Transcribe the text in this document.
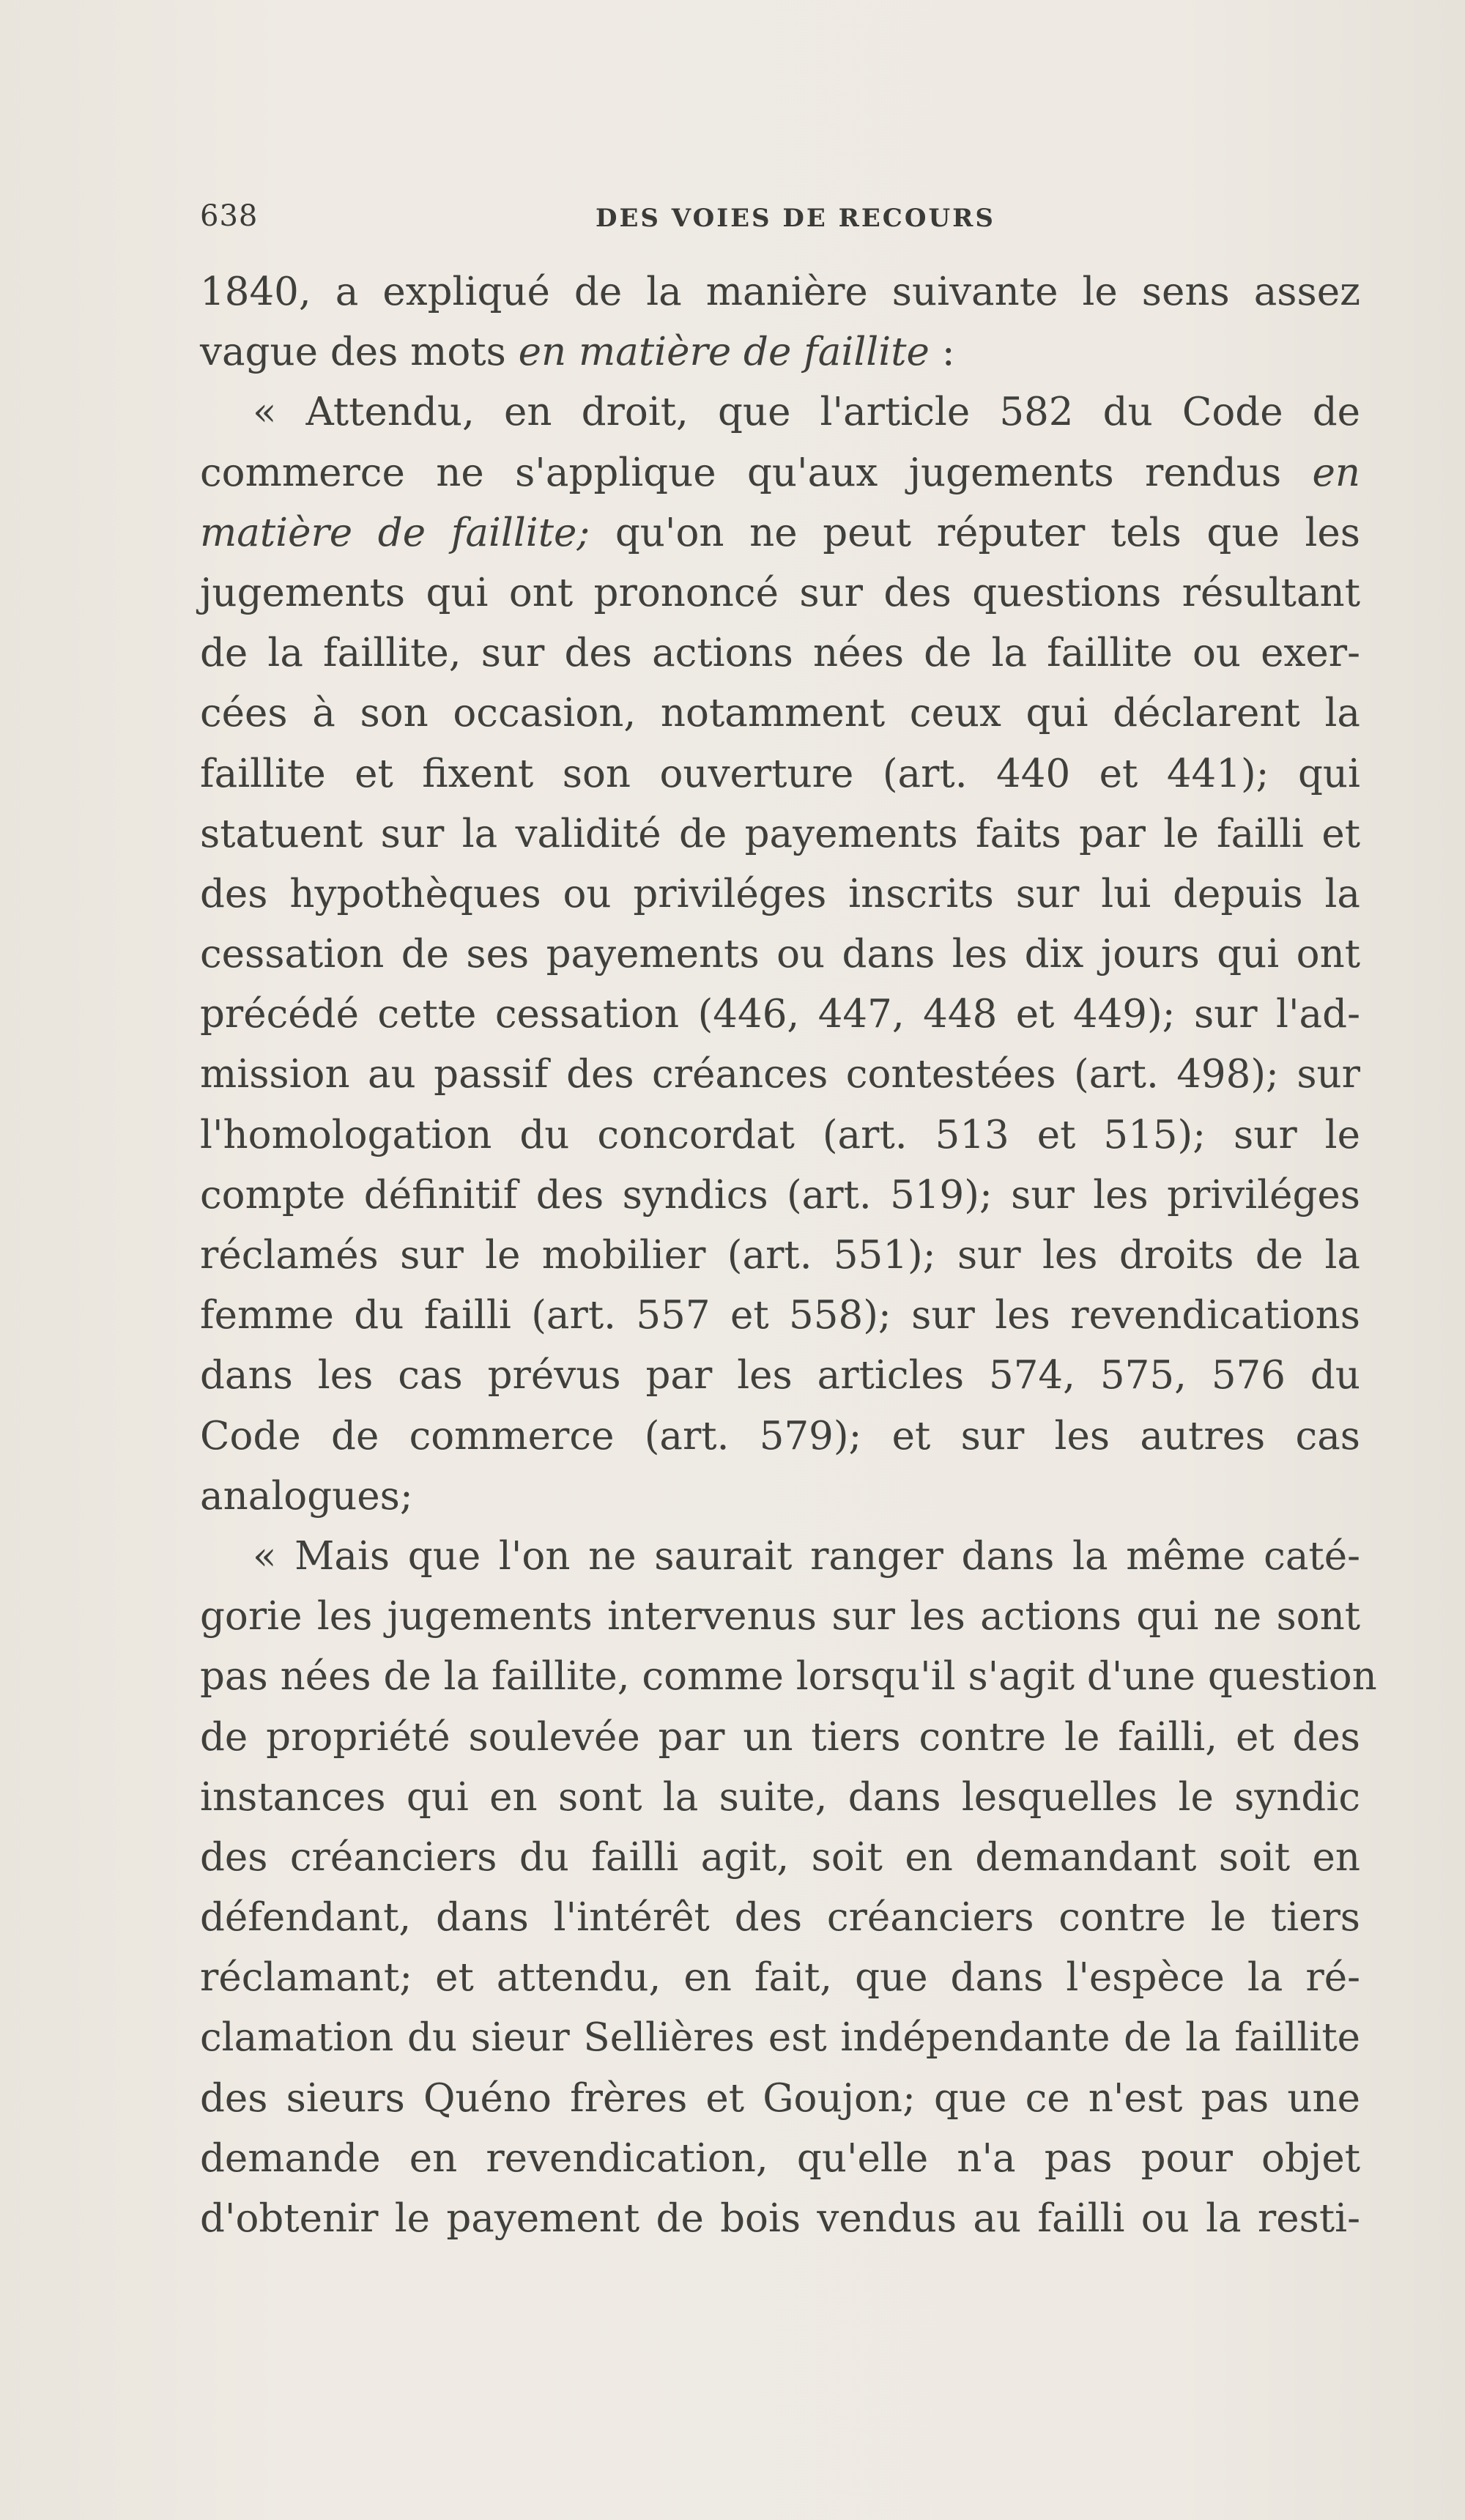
638	DES VOIES DE RECOURS
1840, a expliqué de la manière suivante le sens assez
vague des mots en matière de faillite :
« Attendu, en droit, que l'article 582 du Code de
commerce ne s'applique qu'aux jugements rendus en
matière de faillite; qu'on ne peut réputer tels que les
jugements qui ont prononcé sur des questions résultant
de la faillite, sur des actions nées de la faillite ou exer-
cées à son occasion, notamment ceux qui déclarent la
faillite et fixent son ouverture (art. 440 et 441); qui
statuent sur la validité de payements faits par le failli et
des hypothèques ou priviléges inscrits sur lui depuis la
cessation de ses payements ou dans les dix jours qui ont
précédé cette cessation (446, 447, 448 et 449); sur l'ad-
mission au passif des créances contestées (art. 498); sur
l'homologation du concordat (art. 513 et 515); sur le
compte définitif des syndics (art. 519); sur les priviléges
réclamés sur le mobilier (art. 551); sur les droits de la
femme du failli (art. 557 et 558); sur les revendications
dans les cas prévus par les articles 574, 575, 576 du
Code de commerce (art. 579); et sur les autres cas
analogues;
« Mais que l'on ne saurait ranger dans la même caté-
gorie les jugements intervenus sur les actions qui ne sont
pas nées de la faillite, comme lorsqu'il s'agit d'une question
de propriété soulevée par un tiers contre le failli, et des
instances qui en sont la suite, dans lesquelles le syndic
des créanciers du failli agit, soit en demandant soit en
défendant, dans l'intérêt des créanciers contre le tiers
réclamant; et attendu, en fait, que dans l'espèce la ré-
clamation du sieur Sellières est indépendante de la faillite
des sieurs Quéno frères et Goujon; que ce n'est pas une
demande en revendication, qu'elle n'a pas pour objet
d'obtenir le payement de bois vendus au failli ou la resti-
